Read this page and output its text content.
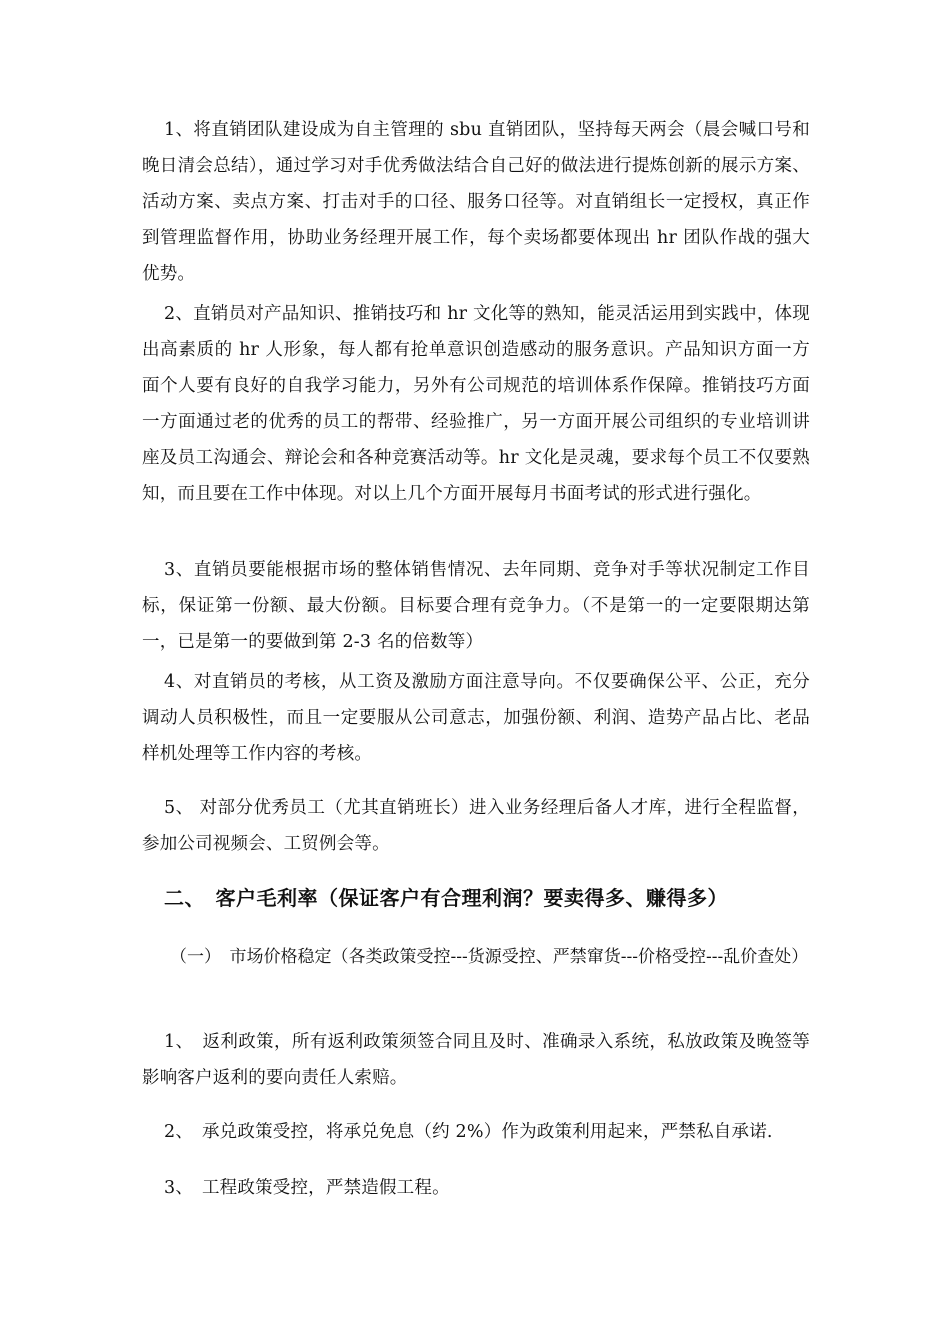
1、将直销团队建设成为自主管理的 sbu 直销团队，坚持每天两会（晨会喊口号和晚日清会总结），通过学习对手优秀做法结合自己好的做法进行提炼创新的展示方案、活动方案、卖点方案、打击对手的口径、服务口径等。对直销组长一定授权，真正作到管理监督作用，协助业务经理开展工作，每个卖场都要体现出 hr 团队作战的强大优势。

2、直销员对产品知识、推销技巧和 hr 文化等的熟知，能灵活运用到实践中，体现出高素质的 hr 人形象，每人都有抢单意识创造感动的服务意识。产品知识方面一方面个人要有良好的自我学习能力，另外有公司规范的培训体系作保障。推销技巧方面一方面通过老的优秀的员工的帮带、经验推广，另一方面开展公司组织的专业培训讲座及员工沟通会、辩论会和各种竞赛活动等。hr 文化是灵魂，要求每个员工不仅要熟知，而且要在工作中体现。对以上几个方面开展每月书面考试的形式进行强化。

3、直销员要能根据市场的整体销售情况、去年同期、竞争对手等状况制定工作目标，保证第一份额、最大份额。目标要合理有竞争力。（不是第一的一定要限期达第一，已是第一的要做到第 2-3 名的倍数等）

4、对直销员的考核，从工资及激励方面注意导向。不仅要确保公平、公正，充分调动人员积极性，而且一定要服从公司意志，加强份额、利润、造势产品占比、老品样机处理等工作内容的考核。

5、 对部分优秀员工（尤其直销班长）进入业务经理后备人才库，进行全程监督，参加公司视频会、工贸例会等。

二、　客户毛利率（保证客户有合理利润？要卖得多、赚得多）

（一）　市场价格稳定（各类政策受控---货源受控、严禁窜货---价格受控---乱价查处）

1、　返利政策，所有返利政策须签合同且及时、准确录入系统，私放政策及晚签等影响客户返利的要向责任人索赔。

2、　承兑政策受控，将承兑免息（约 2%）作为政策利用起来，严禁私自承诺.

3、　工程政策受控，严禁造假工程。
